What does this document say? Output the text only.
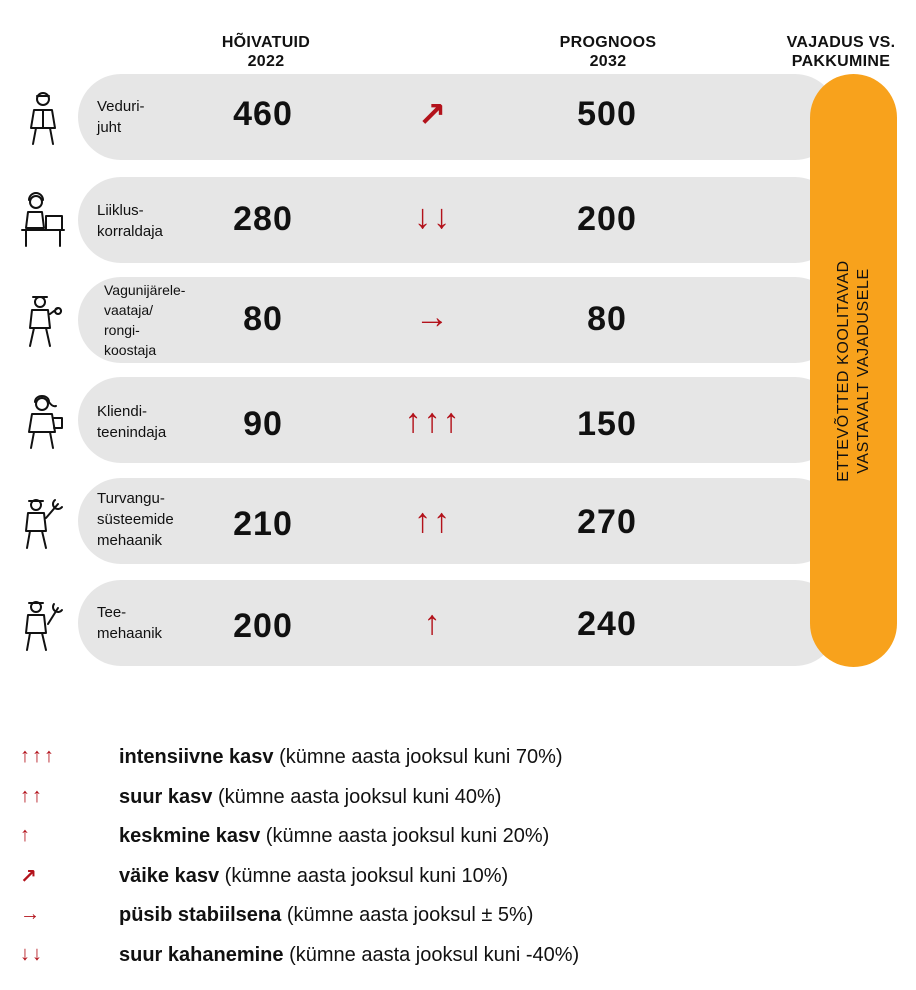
HÕIVATUID
2022
PROGNOOS
2032
VAJADUS VS.
PAKKUMINE
Veduri-
juht	460	↗	500
Liiklus-
korraldaja	280	↓↓	200
Vagunijärele-
vaataja/
rongi-
koostaja
80	→	80
Kliendi-
teenindaja	90	↑↑↑	150
Turvangu-
süsteemide
mehaanik	210	↑↑	270
Tee-
mehaanik	200	↑	240
ETTEVÕTTED KOOLITAVAD VASTAVALT VAJADUSELE
↑↑↑	intensiivne kasv (kümne aasta jooksul kuni 70%)
↑↑	suur kasv (kümne aasta jooksul kuni 40%)
↑	keskmine kasv (kümne aasta jooksul kuni 20%)
↗	väike kasv (kümne aasta jooksul kuni 10%)
→	püsib stabiilsena (kümne aasta jooksul ± 5%)
↓↓	suur kahanemine (kümne aasta jooksul kuni -40%)
